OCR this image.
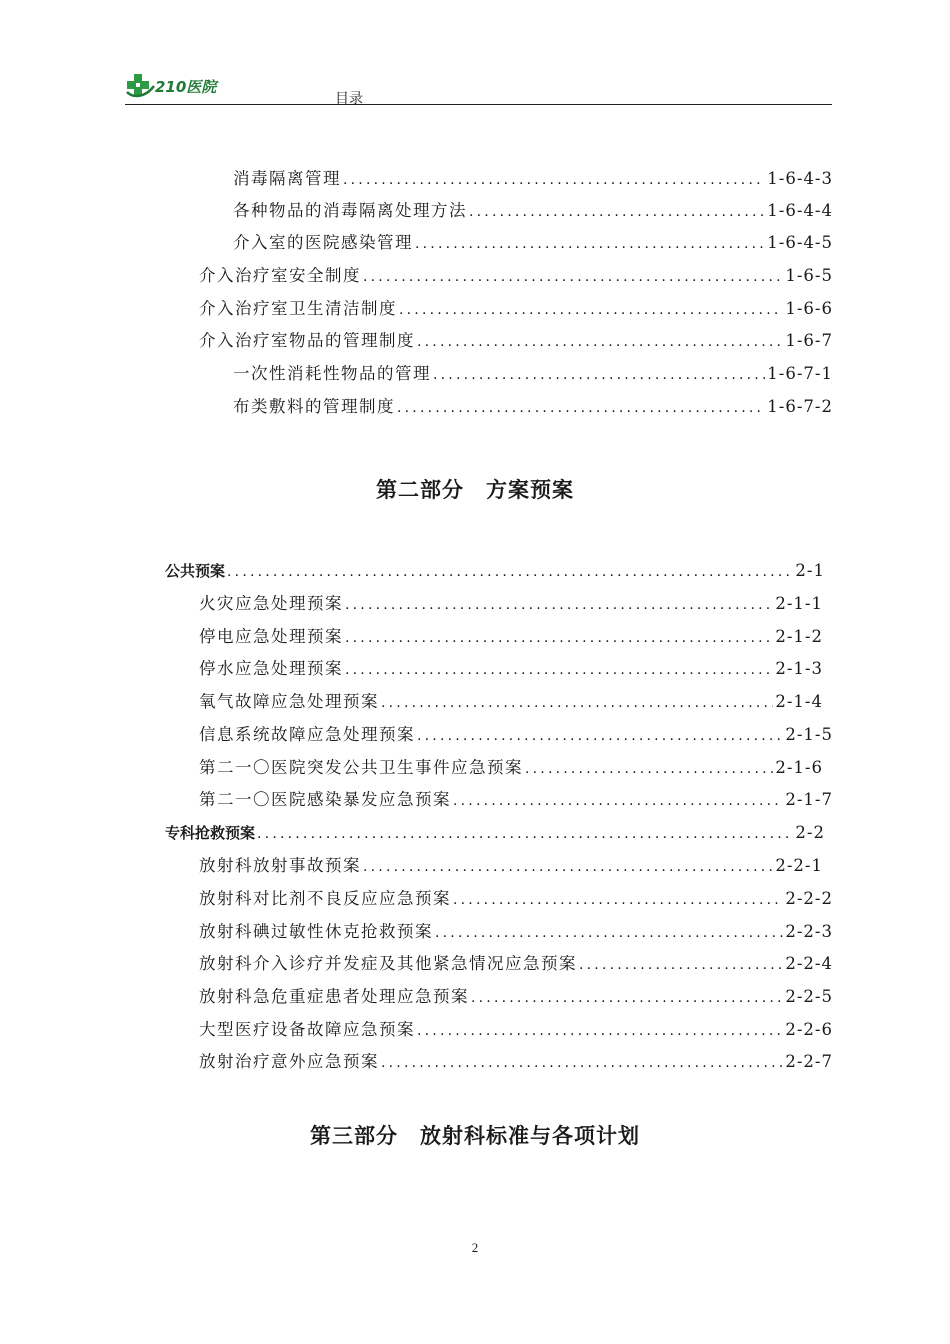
210医院
目录
消毒隔离管理 .....	1-6-4-3
各种物品的消毒隔离处理方法 .....	1-6-4-4
介入室的医院感染管理 .....	1-6-4-5
介入治疗室安全制度 .....	1-6-5
介入治疗室卫生清洁制度 .....	1-6-6
介入治疗室物品的管理制度 .....	1-6-7
一次性消耗性物品的管理 .....	1-6-7-1
布类敷料的管理制度 .....	1-6-7-2
第二部分 方案预案
公共预案 .....	2-1
火灾应急处理预案 .....	2-1-1
停电应急处理预案 .....	2-1-2
停水应急处理预案 .....	2-1-3
氧气故障应急处理预案 .....	2-1-4
信息系统故障应急处理预案 .....	2-1-5
第二一〇医院突发公共卫生事件应急预案 .....	2-1-6
第二一〇医院感染暴发应急预案 .....	2-1-7
专科抢救预案 .....	2-2
放射科放射事故预案 .....	2-2-1
放射科对比剂不良反应应急预案 .....	2-2-2
放射科碘过敏性休克抢救预案 .....	2-2-3
放射科介入诊疗并发症及其他紧急情况应急预案 .....	2-2-4
放射科急危重症患者处理应急预案 .....	2-2-5
大型医疗设备故障应急预案 .....	2-2-6
放射治疗意外应急预案 .....	2-2-7
第三部分 放射科标准与各项计划
2
